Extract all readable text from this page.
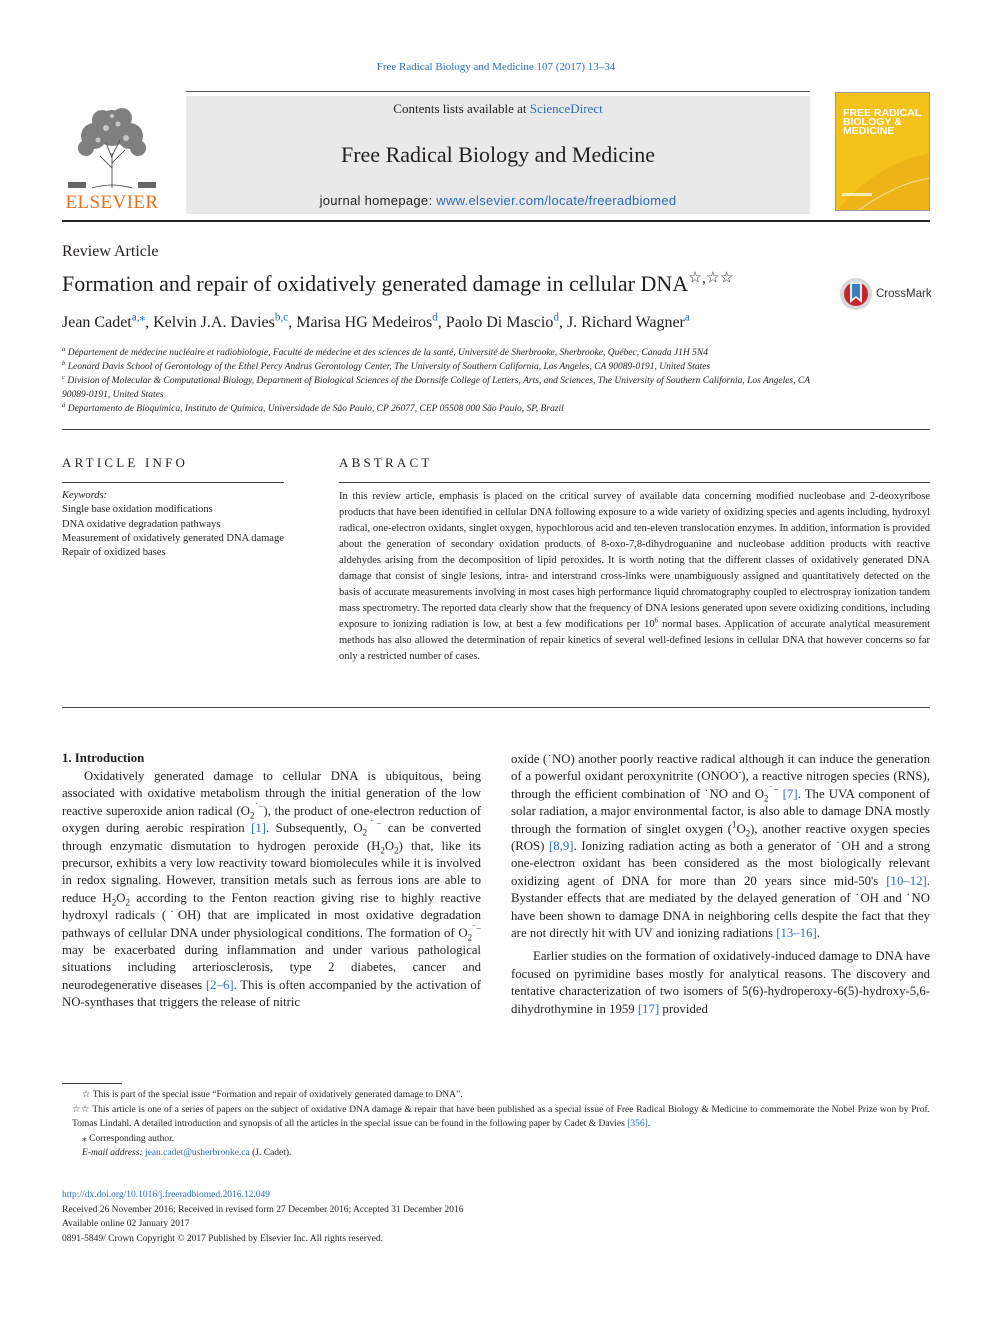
Free Radical Biology and Medicine 107 (2017) 13–34
Contents lists available at ScienceDirect
Free Radical Biology and Medicine
journal homepage: www.elsevier.com/locate/freeradbiomed
ELSEVIER
FREE RADICAL BIOLOGY & MEDICINE
Review Article
Formation and repair of oxidatively generated damage in cellular DNA☆,☆☆
CrossMark
Jean Cadet$^{a,⁎}$, Kelvin J.A. Davies$^{b,c}$, Marisa HG Medeiros$^d$, Paolo Di Mascio$^d$, J. Richard Wagner$^a$
$^a$ Département de médecine nucléaire et radiobiologie, Faculté de médecine et des sciences de la santé, Université de Sherbrooke, Sherbrooke, Québec, Canada J1H 5N4
$^b$ Leonard Davis School of Gerontology of the Ethel Percy Andrus Gerontology Center, The University of Southern California, Los Angeles, CA 90089-0191, United States
$^c$ Division of Molecular & Computational Biology, Department of Biological Sciences of the Dornsife College of Letters, Arts, and Sciences, The University of Southern California, Los Angeles, CA 90089-0191, United States
$^d$ Departamento de Bioquímica, Instituto de Química, Universidade de São Paulo, CP 26077, CEP 05508 000 São Paulo, SP, Brazil
ARTICLE INFO	ABSTRACT
Keywords:
Single base oxidation modifications
DNA oxidative degradation pathways
Measurement of oxidatively generated DNA damage
Repair of oxidized bases
In this review article, emphasis is placed on the critical survey of available data concerning modified nucleobase and 2-deoxyribose products that have been identified in cellular DNA following exposure to a wide variety of oxidizing species and agents including, hydroxyl radical, one-electron oxidants, singlet oxygen, hypochlorous acid and ten-eleven translocation enzymes. In addition, information is provided about the generation of secondary oxidation products of 8-oxo-7,8-dihydroguanine and nucleobase addition products with reactive aldehydes arising from the decomposition of lipid peroxides. It is worth noting that the different classes of oxidatively generated DNA damage that consist of single lesions, intra- and interstrand cross-links were unambiguously assigned and quantitatively detected on the basis of accurate measurements involving in most cases high performance liquid chromatography coupled to electrospray ionization tandem mass spectrometry. The reported data clearly show that the frequency of DNA lesions generated upon severe oxidizing conditions, including exposure to ionizing radiation is low, at best a few modifications per $10^6$ normal bases. Application of accurate analytical measurement methods has also allowed the determination of repair kinetics of several well-defined lesions in cellular DNA that however concerns so far only a restricted number of cases.
1. Introduction

Oxidatively generated damage to cellular DNA is ubiquitous, being associated with oxidative metabolism through the initial generation of the low reactive superoxide anion radical $(O_2^{˙-})$, the product of one-electron reduction of oxygen during aerobic respiration [1]. Subsequently, $O_2^{˙-}$ can be converted through enzymatic dismutation to hydrogen peroxide $(H_2O_2)$ that, like its precursor, exhibits a very low reactivity toward biomolecules while it is involved in redox signaling. However, transition metals such as ferrous ions are able to reduce $H_2O_2$ according to the Fenton reaction giving rise to highly reactive hydroxyl radicals (˙OH) that are implicated in most oxidative degradation pathways of cellular DNA under physiological conditions. The formation of $O_2^{˙-}$ may be exacerbated during inflammation and under various pathological situations including arteriosclerosis, type 2 diabetes, cancer and neurodegenerative diseases [2–6]. This is often accompanied by the activation of NO-synthases that triggers the release of nitric

oxide (˙NO) another poorly reactive radical although it can induce the generation of a powerful oxidant peroxynitrite (ONOO-), a reactive nitrogen species (RNS), through the efficient combination of ˙NO and $O_2^{˙-}$ [7]. The UVA component of solar radiation, a major environmental factor, is also able to damage DNA mostly through the formation of singlet oxygen $(^1O_2)$, another reactive oxygen species (ROS) [8,9]. Ionizing radiation acting as both a generator of ˙OH and a strong one-electron oxidant has been considered as the most biologically relevant oxidizing agent of DNA for more than 20 years since mid-50's [10–12]. Bystander effects that are mediated by the delayed generation of ˙OH and ˙NO have been shown to damage DNA in neighboring cells despite the fact that they are not directly hit with UV and ionizing radiations [13–16].

Earlier studies on the formation of oxidatively-induced damage to DNA have focused on pyrimidine bases mostly for analytical reasons. The discovery and tentative characterization of two isomers of 5(6)-hydroperoxy-6(5)-hydroxy-5,6-dihydrothymine in 1959 [17] provided

☆ This is part of the special issue “Formation and repair of oxidatively generated damage to DNA”.

☆☆ This article is one of a series of papers on the subject of oxidative DNA damage & repair that have been published as a special issue of Free Radical Biology & Medicine to commemorate the Nobel Prize won by Prof. Tomas Lindahl. A detailed introduction and synopsis of all the articles in the special issue can be found in the following paper by Cadet & Davies [356].

⁎ Corresponding author.

E-mail address: jean.cadet@usherbrooke.ca (J. Cadet).

http://dx.doi.org/10.1016/j.freeradbiomed.2016.12.049

Received 26 November 2016; Received in revised form 27 December 2016; Accepted 31 December 2016

Available online 02 January 2017

0891-5849/ Crown Copyright © 2017 Published by Elsevier Inc. All rights reserved.
